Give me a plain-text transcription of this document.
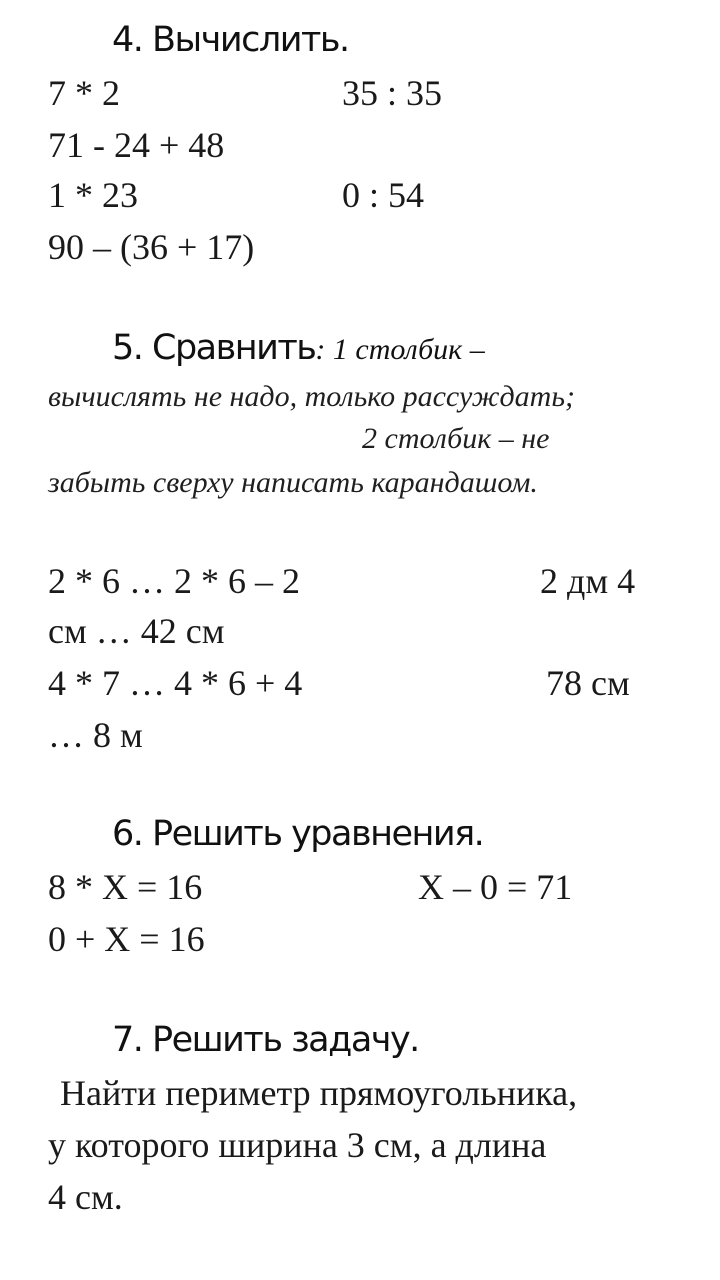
4. Вычислить.
7 * 2	35 : 35
71 - 24 + 48
1 * 23	0 : 54
90 – (36 + 17)
5. Сравнить: 1 столбик –
вычислять не надо, только рассуждать;
2 столбик – не
забыть сверху написать карандашом.
2 * 6 … 2 * 6 – 2	2 дм 4
см … 42 см
4 * 7 … 4 * 6 + 4	78 см
… 8 м
6. Решить уравнения.
8 * Х = 16	Х – 0 = 71
0 + Х = 16
7. Решить задачу.
Найти периметр прямоугольника,
у которого ширина 3 см, а длина
4 см.
